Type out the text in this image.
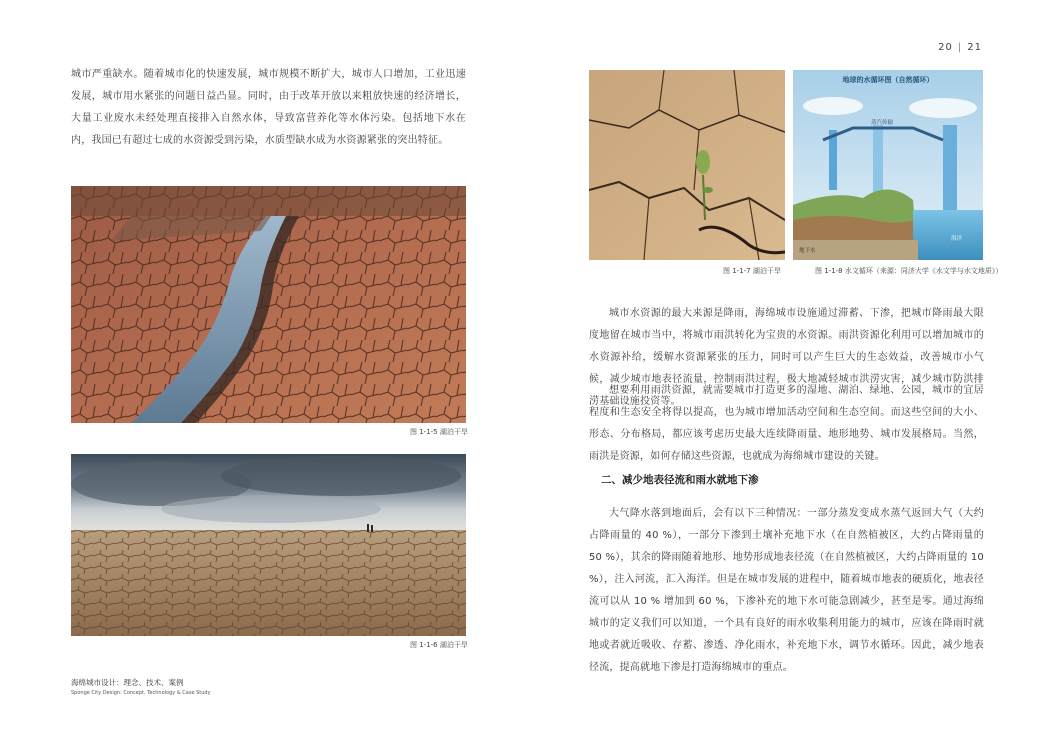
20 | 21

城市严重缺水。随着城市化的快速发展，城市规模不断扩大，城市人口增加，工业迅速发展，城市用水紧张的问题日益凸显。同时，由于改革开放以来粗放快速的经济增长，大量工业废水未经处理直接排入自然水体，导致富营养化等水体污染。包括地下水在内，我国已有超过七成的水资源受到污染，水质型缺水成为水资源紧张的突出特征。

图 1-1-5 湖泊干旱
图 1-1-6 湖泊干旱
海绵城市设计：理念、技术、案例
Sponge City Design: Concept, Technology & Case Study
图 1-1-7 湖泊干旱
地球的水循环图（自然循环）
蒸汽传输
海洋
地下水
图 1-1-8 水文循环（来源：同济大学《水文学与水文地质》）

城市水资源的最大来源是降雨，海绵城市设施通过滞蓄、下渗，把城市降雨最大限度地留在城市当中，将城市雨洪转化为宝贵的水资源。雨洪资源化利用可以增加城市的水资源补给，缓解水资源紧张的压力，同时可以产生巨大的生态效益，改善城市小气候，减少城市地表径流量，控制雨洪过程，极大地减轻城市洪涝灾害，减少城市防洪排涝基础设施投资等。

想要利用雨洪资源，就需要城市打造更多的湿地、湖泊、绿地、公园，城市的宜居程度和生态安全将得以提高，也为城市增加活动空间和生态空间。而这些空间的大小、形态、分布格局，都应该考虑历史最大连续降雨量、地形地势、城市发展格局。当然，雨洪是资源，如何存储这些资源，也就成为海绵城市建设的关键。

二、减少地表径流和雨水就地下渗

大气降水落到地面后，会有以下三种情况：一部分蒸发变成水蒸气返回大气（大约占降雨量的 40 %），一部分下渗到土壤补充地下水（在自然植被区，大约占降雨量的 50 %），其余的降雨随着地形、地势形成地表径流（在自然植被区，大约占降雨量的 10 %），注入河流，汇入海洋。但是在城市发展的进程中，随着城市地表的硬质化，地表径流可以从 10 % 增加到 60 %，下渗补充的地下水可能急剧减少，甚至是零。通过海绵城市的定义我们可以知道，一个具有良好的雨水收集利用能力的城市，应该在降雨时就地或者就近吸收、存蓄、渗透、净化雨水，补充地下水，调节水循环。因此，减少地表径流，提高就地下渗是打造海绵城市的重点。
